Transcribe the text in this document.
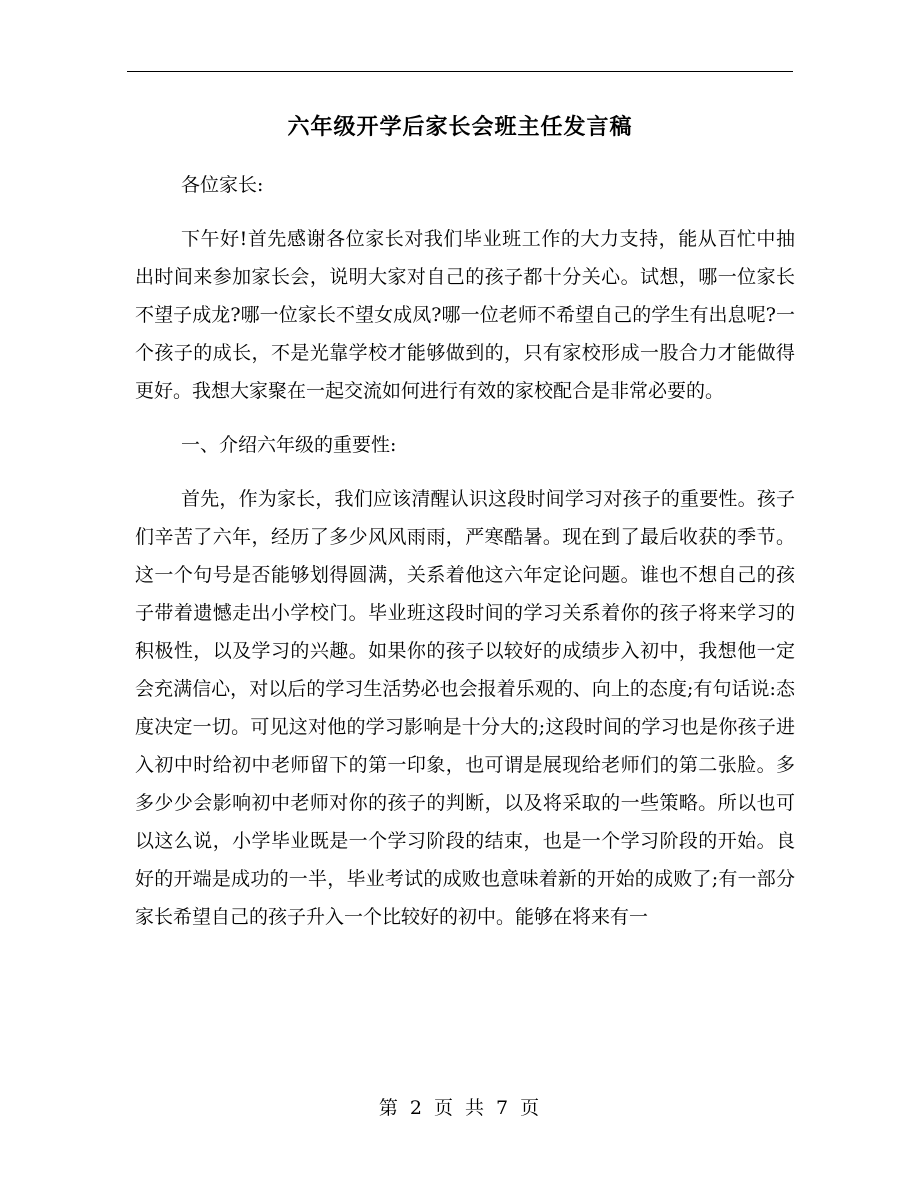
六年级开学后家长会班主任发言稿

各位家长:

下午好!首先感谢各位家长对我们毕业班工作的大力支持，能从百忙中抽出时间来参加家长会，说明大家对自己的孩子都十分关心。试想，哪一位家长不望子成龙?哪一位家长不望女成凤?哪一位老师不希望自己的学生有出息呢?一个孩子的成长，不是光靠学校才能够做到的，只有家校形成一股合力才能做得更好。我想大家聚在一起交流如何进行有效的家校配合是非常必要的。

一、介绍六年级的重要性:

首先，作为家长，我们应该清醒认识这段时间学习对孩子的重要性。孩子们辛苦了六年，经历了多少风风雨雨，严寒酷暑。现在到了最后收获的季节。这一个句号是否能够划得圆满，关系着他这六年定论问题。谁也不想自己的孩子带着遗憾走出小学校门。毕业班这段时间的学习关系着你的孩子将来学习的积极性，以及学习的兴趣。如果你的孩子以较好的成绩步入初中，我想他一定会充满信心，对以后的学习生活势必也会报着乐观的、向上的态度;有句话说:态度决定一切。可见这对他的学习影响是十分大的;这段时间的学习也是你孩子进入初中时给初中老师留下的第一印象，也可谓是展现给老师们的第二张脸。多多少少会影响初中老师对你的孩子的判断，以及将采取的一些策略。所以也可以这么说，小学毕业既是一个学习阶段的结束，也是一个学习阶段的开始。良好的开端是成功的一半，毕业考试的成败也意味着新的开始的成败了;有一部分家长希望自己的孩子升入一个比较好的初中。能够在将来有一

第 2 页 共 7 页
